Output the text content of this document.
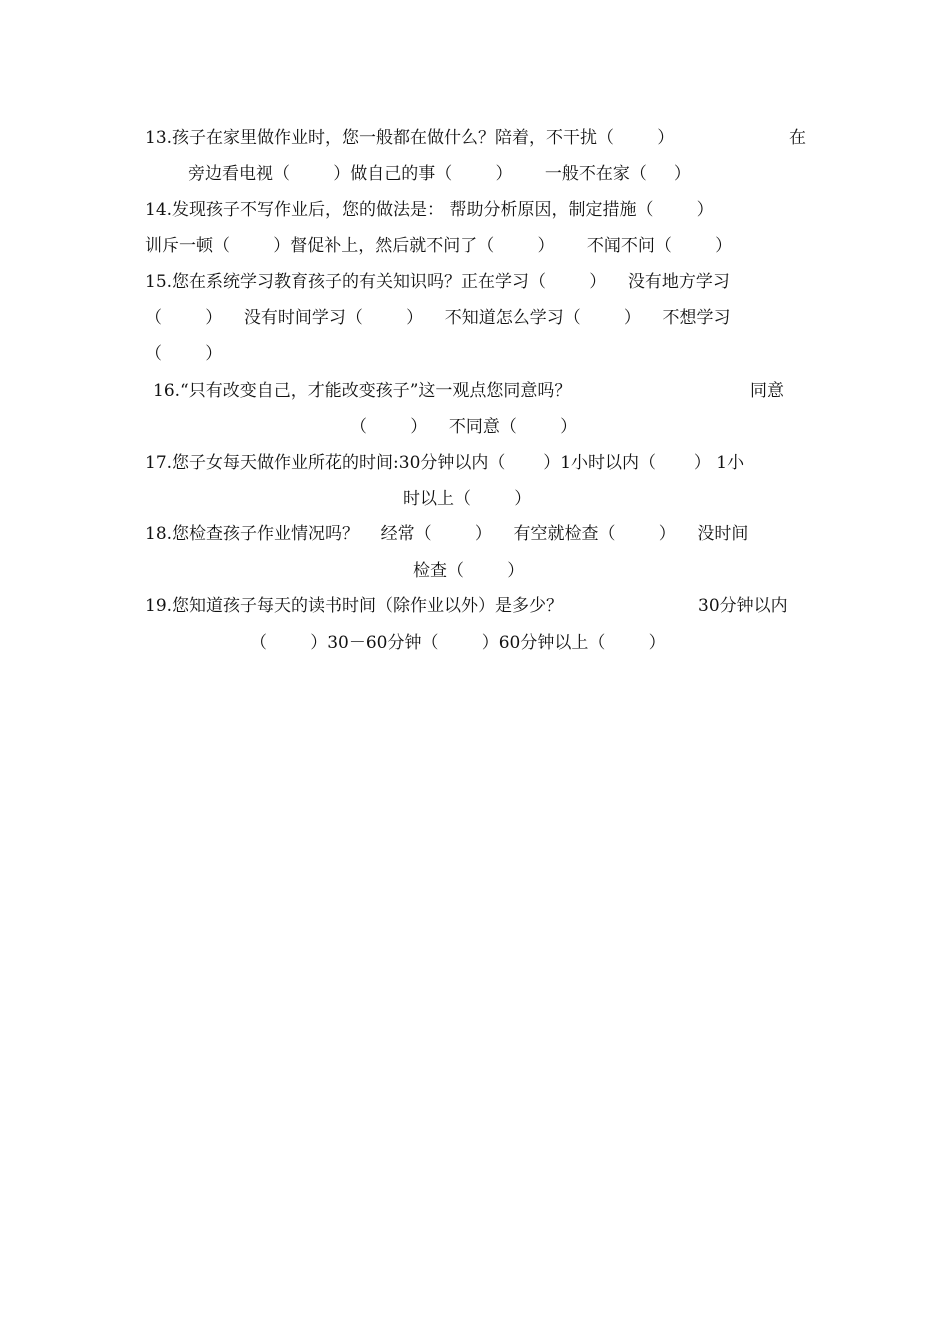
13.孩子在家里做作业时，您一般都在做什么？陪着，不干扰（        ）	在
旁边看电视（        ）做自己的事（        ）      一般不在家（     ）
14.发现孩子不写作业后，您的做法是： 帮助分析原因，制定措施（        ）
训斥一顿（        ）督促补上，然后就不问了（        ）      不闻不问（        ）
15.您在系统学习教育孩子的有关知识吗？正在学习（        ）    没有地方学习
（        ）    没有时间学习（        ）    不知道怎么学习（        ）    不想学习
（        ）
16.“只有改变自己，才能改变孩子”这一观点您同意吗？	同意
（        ）    不同意（        ）
17.您子女每天做作业所花的时间:30分钟以内（       ）1小时以内（       ） 1小
时以上（        ）
18.您检查孩子作业情况吗？    经常（        ）    有空就检查（        ）    没时间
检查（        ）
19.您知道孩子每天的读书时间（除作业以外）是多少？	30分钟以内
（        ）30－60分钟（        ）60分钟以上（        ）
